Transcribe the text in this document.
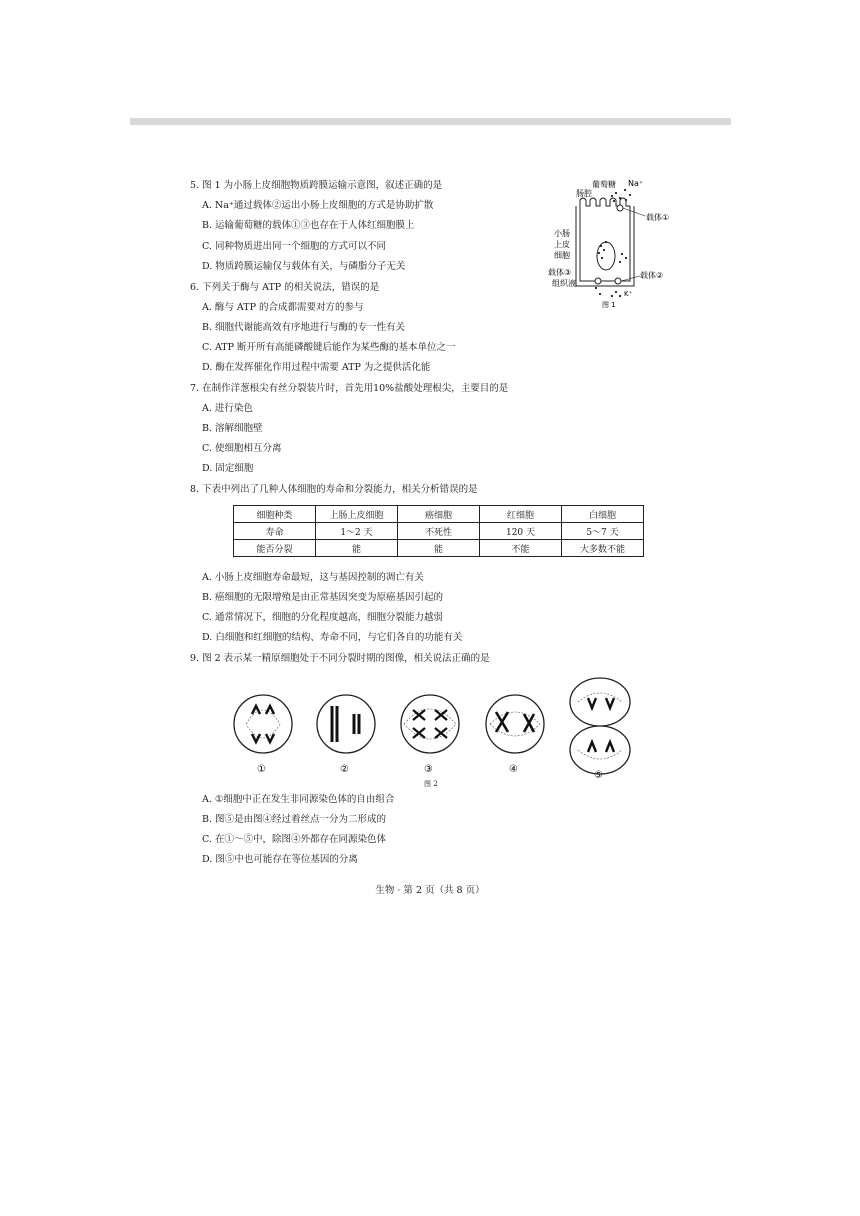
5. 图 1 为小肠上皮细胞物质跨膜运输示意图，叙述正确的是
A. Na⁺通过载体②运出小肠上皮细胞的方式是协助扩散
B. 运输葡萄糖的载体①③也存在于人体红细胞膜上
C. 同种物质进出同一个细胞的方式可以不同
D. 物质跨膜运输仅与载体有关，与磷脂分子无关
葡萄糖 Na⁺
肠腔
载体①
小肠
上皮
细胞
载体③	载体②
组织液
K⁺
图 1
6. 下列关于酶与 ATP 的相关说法，错误的是
A. 酶与 ATP 的合成都需要对方的参与
B. 细胞代谢能高效有序地进行与酶的专一性有关
C. ATP 断开所有高能磷酸键后能作为某些酶的基本单位之一
D. 酶在发挥催化作用过程中需要 ATP 为之提供活化能
7. 在制作洋葱根尖有丝分裂装片时，首先用10%盐酸处理根尖，主要目的是
A. 进行染色
B. 溶解细胞壁
C. 使细胞相互分离
D. 固定细胞
8. 下表中列出了几种人体细胞的寿命和分裂能力，相关分析错误的是
细胞种类	上肠上皮细胞	癌细胞	红细胞	白细胞
寿命	1～2 天	不死性	120 天	5～7 天
能否分裂	能	能	不能	大多数不能
A. 小肠上皮细胞寿命最短，这与基因控制的凋亡有关
B. 癌细胞的无限增殖是由正常基因突变为原癌基因引起的
C. 通常情况下，细胞的分化程度越高，细胞分裂能力越弱
D. 白细胞和红细胞的结构、寿命不同，与它们各自的功能有关
9. 图 2 表示某一精原细胞处于不同分裂时期的图像，相关说法正确的是
①	②	③	④
⑤
图 2
A. ①细胞中正在发生非同源染色体的自由组合
B. 图⑤是由图④经过着丝点一分为二形成的
C. 在①～⑤中，除图④外都存在同源染色体
D. 图⑤中也可能存在等位基因的分离
生物 · 第 2 页（共 8 页）
